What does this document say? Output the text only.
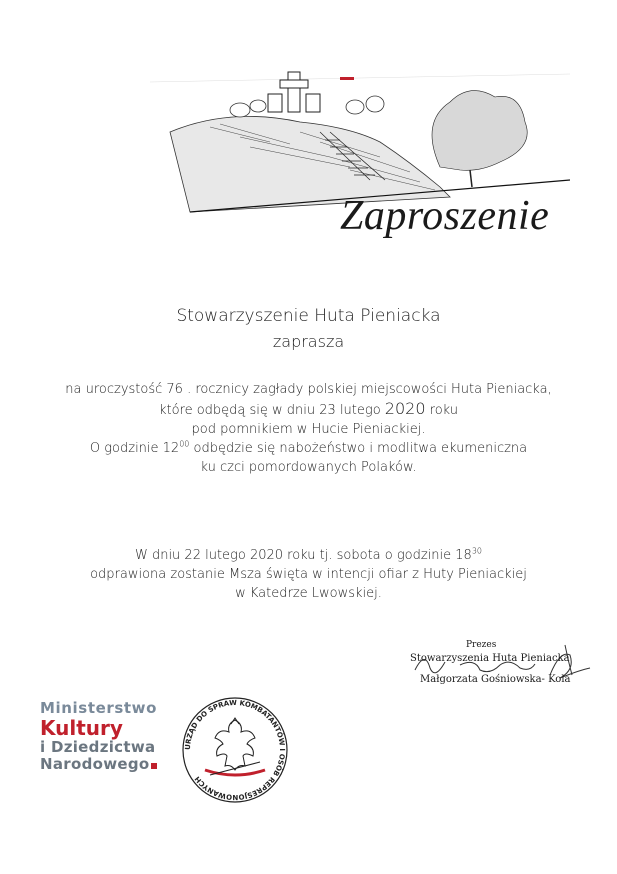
Zaproszenie
Stowarzyszenie Huta Pieniacka
zaprasza
na uroczystość 76 . rocznicy zagłady polskiej miejscowości Huta Pieniacka,
które odbędą się w dniu 23 lutego 2020 roku
pod pomnikiem w Hucie Pieniackiej.
O godzinie $12^{00}$ odbędzie się nabożeństwo i modlitwa ekumeniczna
ku czci pomordowanych Polaków.
W dniu 22 lutego 2020 roku tj. sobota o godzinie $18^{30}$
odprawiona zostanie Msza święta w intencji ofiar z Huty Pieniackiej
w Katedrze Lwowskiej.
Prezes
Stowarzyszenia Huta Pieniacka
Małgorzata Gośniowska- Kola
Ministerstwo
Kultury
i Dziedzictwa
Narodowego
URZĄD DO SPRAW KOMBATANTÓW I OSÓB REPRESJONOWANYCH
